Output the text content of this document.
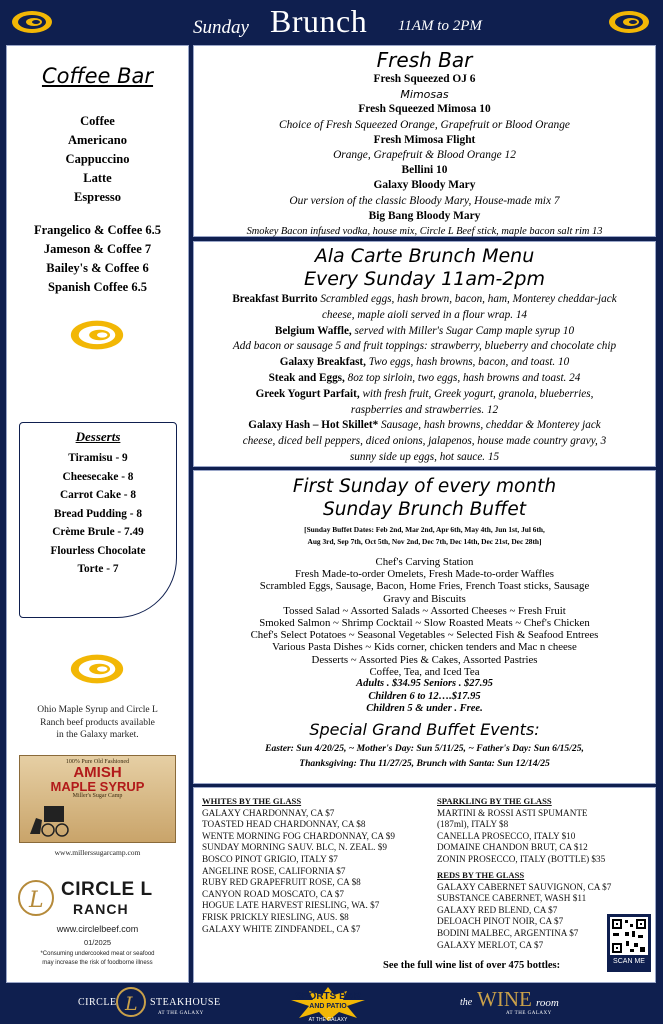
Sunday Brunch 11AM to 2PM
Coffee Bar
Coffee
Americano
Cappuccino
Latte
Espresso
Frangelico & Coffee 6.5
Jameson & Coffee 7
Bailey's & Coffee 6
Spanish Coffee 6.5
Desserts
Tiramisu - 9
Cheesecake - 8
Carrot Cake - 8
Bread Pudding - 8
Crème Brule - 7.49
Flourless Chocolate
Torte - 7
Ohio Maple Syrup and Circle L
Ranch beef products available
in the Galaxy market.
100% Pure Old Fashioned
AMISH
MAPLE SYRUP
Miller's Sugar Camp
www.millerssugarcamp.com
L CIRCLE L
RANCH
www.circlelbeef.com
01/2025
*Consuming undercooked meat or seafood
may increase the risk of foodborne illness
Fresh Bar
Fresh Squeezed OJ 6
Mimosas
Fresh Squeezed Mimosa 10
Choice of Fresh Squeezed Orange, Grapefruit or Blood Orange
Fresh Mimosa Flight
Orange, Grapefruit & Blood Orange 12
Bellini 10
Galaxy Bloody Mary
Our version of the classic Bloody Mary, House-made mix 7
Big Bang Bloody Mary
Smokey Bacon infused vodka, house mix, Circle L Beef stick, maple bacon salt rim 13
Ala Carte Brunch Menu
Every Sunday 11am-2pm
Breakfast Burrito Scrambled eggs, hash brown, bacon, ham, Monterey cheddar-jack
cheese, maple aioli served in a flour wrap. 14
Belgium Waffle, served with Miller's Sugar Camp maple syrup 10
Add bacon or sausage 5 and fruit toppings: strawberry, blueberry and chocolate chip
Galaxy Breakfast, Two eggs, hash browns, bacon, and toast. 10
Steak and Eggs, 8oz top sirloin, two eggs, hash browns and toast. 24
Greek Yogurt Parfait, with fresh fruit, Greek yogurt, granola, blueberries,
raspberries and strawberries. 12
Galaxy Hash – Hot Skillet* Sausage, hash browns, cheddar & Monterey jack
cheese, diced bell peppers, diced onions, jalapenos, house made country gravy, 3
sunny side up eggs, hot sauce. 15
First Sunday of every month
Sunday Brunch Buffet
[Sunday Buffet Dates: Feb 2nd, Mar 2nd, Apr 6th, May 4th, Jun 1st, Jul 6th,
Aug 3rd, Sep 7th, Oct 5th, Nov 2nd, Dec 7th, Dec 14th, Dec 21st, Dec 28th]
Chef's Carving Station
Fresh Made-to-order Omelets, Fresh Made-to-order Waffles
Scrambled Eggs, Sausage, Bacon, Home Fries, French Toast sticks, Sausage
Gravy and Biscuits
Tossed Salad ~ Assorted Salads ~ Assorted Cheeses ~ Fresh Fruit
Smoked Salmon ~ Shrimp Cocktail ~ Slow Roasted Meats ~ Chef's Chicken
Chef's Select Potatoes ~ Seasonal Vegetables ~ Selected Fish & Seafood Entrees
Various Pasta Dishes ~ Kids corner, chicken tenders and Mac n cheese
Desserts ~ Assorted Pies & Cakes, Assorted Pastries
Coffee, Tea, and Iced Tea
Adults . $34.95 Seniors . $27.95
Children 6 to 12….$17.95
Children 5 & under . Free.
Special Grand Buffet Events:
Easter: Sun 4/20/25, ~ Mother's Day: Sun 5/11/25, ~ Father's Day: Sun 6/15/25,
Thanksgiving: Thu 11/27/25, Brunch with Santa: Sun 12/14/25
WHITES BY THE GLASS
GALAXY CHARDONNAY, CA $7
TOASTED HEAD CHARDONNAY, CA $8
WENTE MORNING FOG CHARDONNAY, CA $9
SUNDAY MORNING SAUV. BLC, N. ZEAL. $9
BOSCO PINOT GRIGIO, ITALY $7
ANGELINE ROSE, CALIFORNIA $7
RUBY RED GRAPEFRUIT ROSE, CA $8
CANYON ROAD MOSCATO, CA $7
HOGUE LATE HARVEST RIESLING, WA. $7
FRISK PRICKLY RIESLING, AUS. $8
GALAXY WHITE ZINDFANDEL, CA $7
SPARKLING BY THE GLASS
MARTINI & ROSSI ASTI SPUMANTE
(187ml), ITALY $8
CANELLA PROSECCO, ITALY $10
DOMAINE CHANDON BRUT, CA $12
ZONIN PROSECCO, ITALY (BOTTLE) $35
REDS BY THE GLASS
GALAXY CABERNET SAUVIGNON, CA $7
SUBSTANCE CABERNET, WASH $11
GALAXY RED BLEND, CA $7
DELOACH PINOT NOIR, CA $7
BODINI MALBEC, ARGENTINA $7
GALAXY MERLOT, CA $7
See the full wine list of over 475 bottles:	SCAN ME
CIRCLE L STEAKHOUSE
AT THE GALAXY
SPORTS BAR
AND PATIO
AT THE GALAXY
the WINE room
AT THE GALAXY
